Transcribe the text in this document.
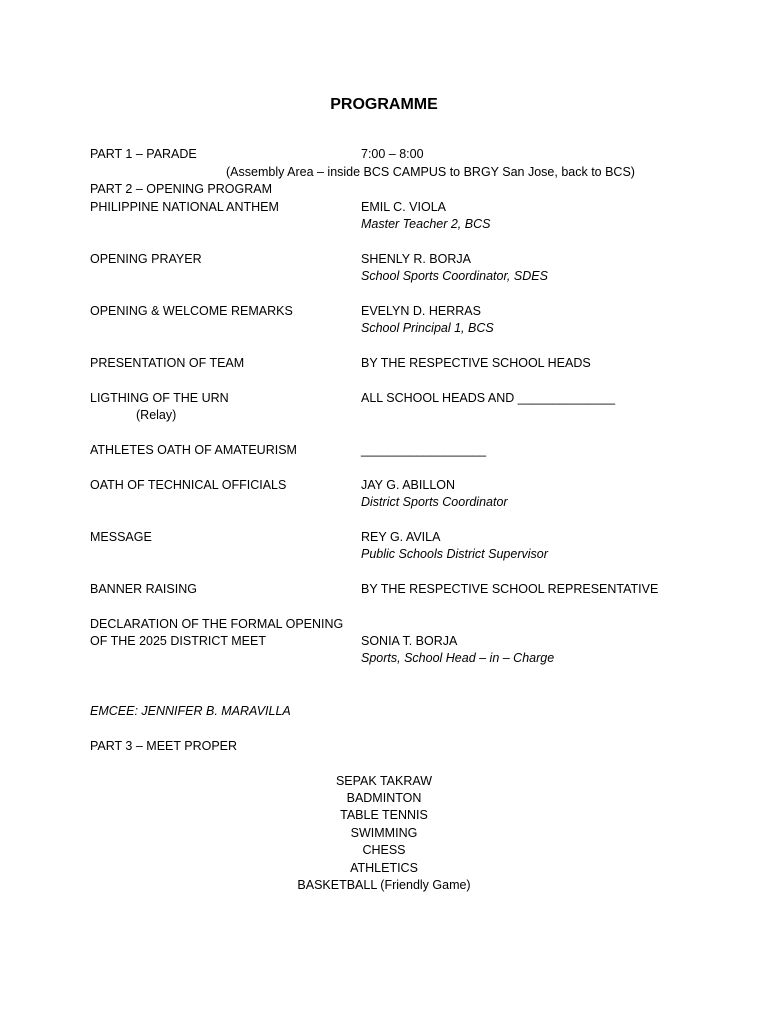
PROGRAMME
PART 1 – PARADE	7:00 – 8:00
(Assembly Area – inside BCS CAMPUS to BRGY San Jose, back to BCS)
PART 2 – OPENING PROGRAM
PHILIPPINE NATIONAL ANTHEM	EMIL C. VIOLA
Master Teacher 2, BCS
OPENING PRAYER	SHENLY R. BORJA
School Sports Coordinator, SDES
OPENING & WELCOME REMARKS	EVELYN D. HERRAS
School Principal 1, BCS
PRESENTATION OF TEAM	BY THE RESPECTIVE SCHOOL HEADS
LIGTHING OF THE URN	ALL SCHOOL HEADS AND ______________
(Relay)
ATHLETES OATH OF AMATEURISM	__________________
OATH OF TECHNICAL OFFICIALS	JAY G. ABILLON
District Sports Coordinator
MESSAGE	REY G. AVILA
Public Schools District Supervisor
BANNER RAISING	BY THE RESPECTIVE SCHOOL REPRESENTATIVE
DECLARATION OF THE FORMAL OPENING
OF THE 2025 DISTRICT MEET	SONIA T. BORJA
Sports, School Head – in – Charge
EMCEE: JENNIFER B. MARAVILLA
PART 3 – MEET PROPER
SEPAK TAKRAW
BADMINTON
TABLE TENNIS
SWIMMING
CHESS
ATHLETICS
BASKETBALL (Friendly Game)
